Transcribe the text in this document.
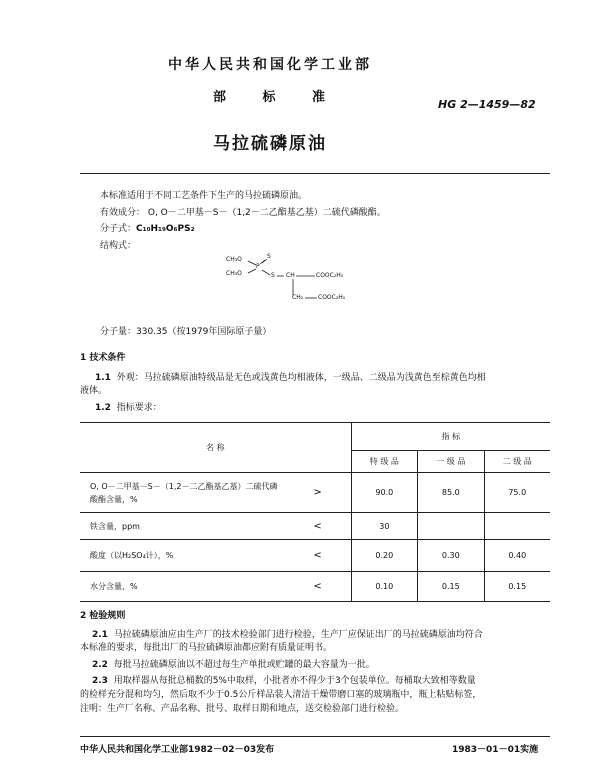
中华人民共和国化学工业部
部 标 准	HG 2—1459—82
马拉硫磷原油
本标准适用于不同工艺条件下生产的马拉硫磷原油。
有效成分： O, O－二甲基－S－（1,2－二乙酯基乙基）二硫代磷酸酯。
分子式：C₁₀H₁₉O₆PS₂
结构式：
CH₃O
CH₃O
P
S
S CH	COOC₂H₅
CH₂ COOC₂H₅
分子量：330.35（按1979年国际原子量）
1 技术条件
1.1 外观：马拉硫磷原油特级品是无色或浅黄色均相液体，一级品、二级品为浅黄色至棕黄色均相
液体。
1.2 指标要求：
名 称		指 标		
		特 级 品	一 级 品	二 级 品
O, O－二甲基－S－（1,2－二乙酯基乙基）二硫代磷酸酯含量，%	>	90.0	85.0	75.0
铁含量，ppm	<	30		
酸度（以H₂SO₄计），%	<	0.20	0.30	0.40
水分含量，%	<	0.10	0.15	0.15
2 检验规则
2.1 马拉硫磷原油应由生产厂的技术检验部门进行检验，生产厂应保证出厂的马拉硫磷原油均符合
本标准的要求，每批出厂的马拉硫磷原油都应附有质量证明书。
2.2 每批马拉硫磷原油以不超过每生产单批或贮罐的最大容量为一批。
2.3 用取样器从每批总桶数的5%中取样，小批者亦不得少于3个包装单位。每桶取大致相等数量
的检样充分混和均匀，然后取不少于0.5公斤样品装人清洁干燥带磨口塞的玻璃瓶中，瓶上粘贴标签，
注明：生产厂名称、产品名称、批号、取样日期和地点，送交检验部门进行检验。
中华人民共和国化学工业部1982－02－03发布	1983－01－01实施
